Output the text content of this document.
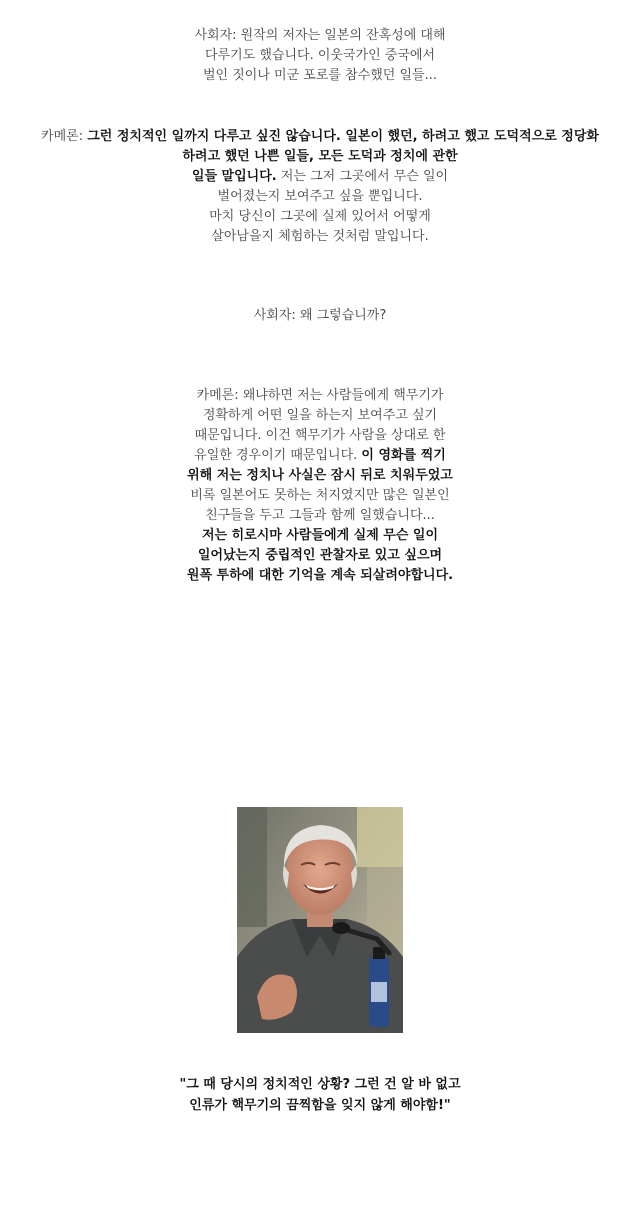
사회자: 원작의 저자는 일본의 잔혹성에 대해
다루기도 했습니다. 이웃국가인 중국에서
벌인 짓이나 미군 포로를 참수했던 일들...
카메론: 그런 정치적인 일까지 다루고 싶진 않습니다. 일본이 했던, 하려고 했고 도덕적으로 정당화
하려고 했던 나쁜 일들, 모든 도덕과 정치에 관한
일들 말입니다. 저는 그저 그곳에서 무슨 일이
벌어졌는지 보여주고 싶을 뿐입니다.
마치 당신이 그곳에 실제 있어서 어떻게
살아남을지 체험하는 것처럼 말입니다.
사회자: 왜 그렇습니까?
카메론: 왜냐하면 저는 사람들에게 핵무기가
정확하게 어떤 일을 하는지 보여주고 싶기
때문입니다. 이건 핵무기가 사람을 상대로 한
유일한 경우이기 때문입니다. 이 영화를 찍기
위해 저는 정치나 사실은 잠시 뒤로 치워두었고
비록 일본어도 못하는 처지였지만 많은 일본인
친구들을 두고 그들과 함께 일했습니다...
저는 히로시마 사람들에게 실제 무슨 일이
일어났는지 중립적인 관찰자로 있고 싶으며
원폭 투하에 대한 기억을 계속 되살려야합니다.
"그 때 당시의 정치적인 상황? 그런 건 알 바 없고
인류가 핵무기의 끔찍함을 잊지 않게 해야함!"
